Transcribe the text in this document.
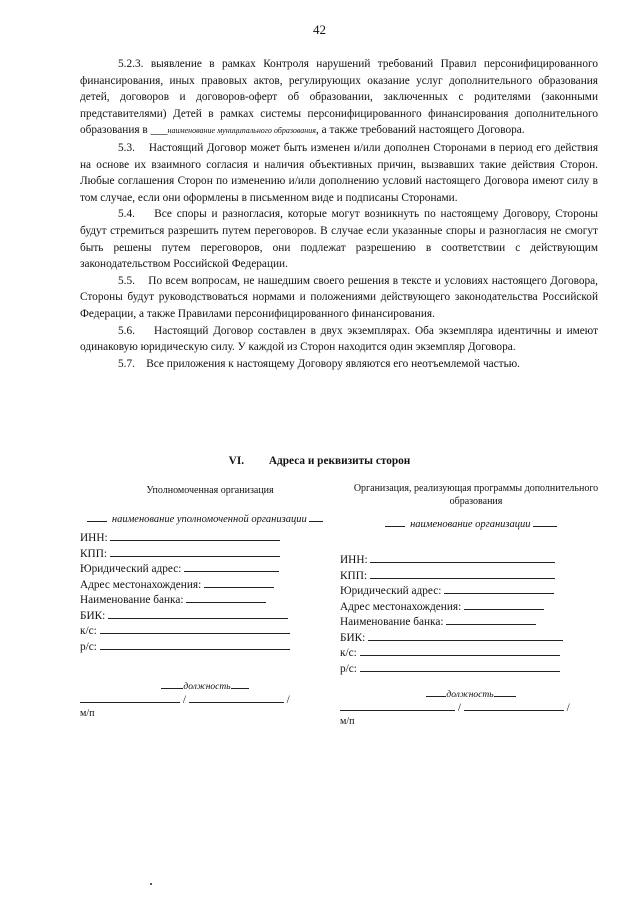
42

5.2.3. выявление в рамках Контроля нарушений требований Правил персонифицированного финансирования, иных правовых актов, регулирующих оказание услуг дополнительного образования детей, договоров и договоров-оферт об образовании, заключенных с родителями (законными представителями) Детей в рамках системы персонифицированного финансирования дополнительного образования в ___наименование муниципального образования, а также требований настоящего Договора.

5.3. Настоящий Договор может быть изменен и/или дополнен Сторонами в период его действия на основе их взаимного согласия и наличия объективных причин, вызвавших такие действия Сторон. Любые соглашения Сторон по изменению и/или дополнению условий настоящего Договора имеют силу в том случае, если они оформлены в письменном виде и подписаны Сторонами.

5.4. Все споры и разногласия, которые могут возникнуть по настоящему Договору, Стороны будут стремиться разрешить путем переговоров. В случае если указанные споры и разногласия не смогут быть решены путем переговоров, они подлежат разрешению в соответствии с действующим законодательством Российской Федерации.

5.5. По всем вопросам, не нашедшим своего решения в тексте и условиях настоящего Договора, Стороны будут руководствоваться нормами и положениями действующего законодательства Российской Федерации, а также Правилами персонифицированного финансирования.

5.6. Настоящий Договор составлен в двух экземплярах. Оба экземпляра идентичны и имеют одинаковую юридическую силу. У каждой из Сторон находится один экземпляр Договора.

5.7. Все приложения к настоящему Договору являются его неотъемлемой частью.

VI. Адреса и реквизиты сторон
Уполномоченная организация
наименование уполномоченной организации
ИНН:
КПП:
Юридический адрес:
Адрес местонахождения:
Наименование банка:
БИК:
к/с:
р/с:
должность
/	/
м/п
Организация, реализующая программы дополнительного образования
наименование организации
ИНН:
КПП:
Юридический адрес:
Адрес местонахождения:
Наименование банка:
БИК:
к/с:
р/с:
должность
/	/
м/п
